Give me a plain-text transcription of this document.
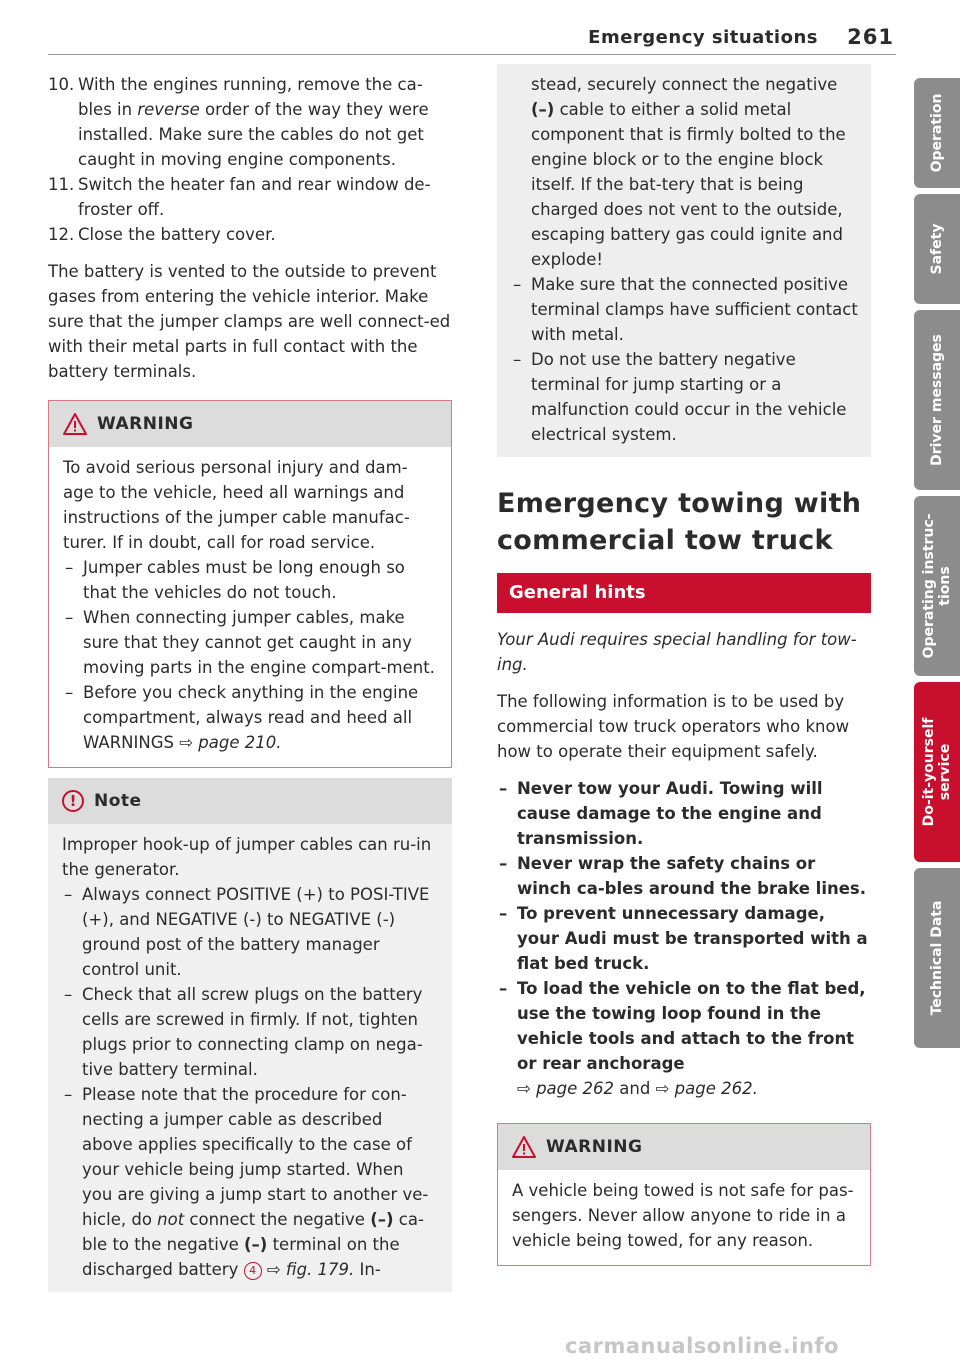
Emergency situations 261
10. With the engines running, remove the ca-bles in reverse order of the way they were installed. Make sure the cables do not get caught in moving engine components.
11. Switch the heater fan and rear window de-froster off.
12. Close the battery cover.

The battery is vented to the outside to prevent gases from entering the vehicle interior. Make sure that the jumper clamps are well connect-ed with their metal parts in full contact with the battery terminals.

WARNING

To avoid serious personal injury and dam-age to the vehicle, heed all warnings and instructions of the jumper cable manufac-turer. If in doubt, call for road service.

– Jumper cables must be long enough so that the vehicles do not touch.
– When connecting jumper cables, make sure that they cannot get caught in any moving parts in the engine compart-ment.
– Before you check anything in the engine compartment, always read and heed all WARNINGS ⇨ page 210.
!	Note

Improper hook-up of jumper cables can ru-in the generator.

– Always connect POSITIVE (+) to POSI-TIVE (+), and NEGATIVE (-) to NEGATIVE (-) ground post of the battery manager control unit.
– Check that all screw plugs on the battery cells are screwed in firmly. If not, tighten plugs prior to connecting clamp on nega-tive battery terminal.
– Please note that the procedure for con-necting a jumper cable as described above applies specifically to the case of your vehicle being jump started. When you are giving a jump start to another ve-hicle, do not connect the negative (–) ca-ble to the negative (–) terminal on the discharged battery 4 ⇨ fig. 179. In-

stead, securely connect the negative (–) cable to either a solid metal component that is firmly bolted to the engine block or to the engine block itself. If the bat-tery that is being charged does not vent to the outside, escaping battery gas could ignite and explode!

– Make sure that the connected positive terminal clamps have sufficient contact with metal.
– Do not use the battery negative terminal for jump starting or a malfunction could occur in the vehicle electrical system.
Emergency towing with commercial tow truck
General hints

Your Audi requires special handling for tow-ing.

The following information is to be used by commercial tow truck operators who know how to operate their equipment safely.

– Never tow your Audi. Towing will cause damage to the engine and transmission.
– Never wrap the safety chains or winch ca-bles around the brake lines.
– To prevent unnecessary damage, your Audi must be transported with a flat bed truck.
– To load the vehicle on to the flat bed, use the towing loop found in the vehicle tools and attach to the front or rear anchorage
⇨ page 262 and ⇨ page 262.
WARNING

A vehicle being towed is not safe for pas-sengers. Never allow anyone to ride in a vehicle being towed, for any reason.

Operation
Safety
Driver messages
Operating instruc-
tions
Do-it-yourself
service
Technical Data
carmanualsonline.info
